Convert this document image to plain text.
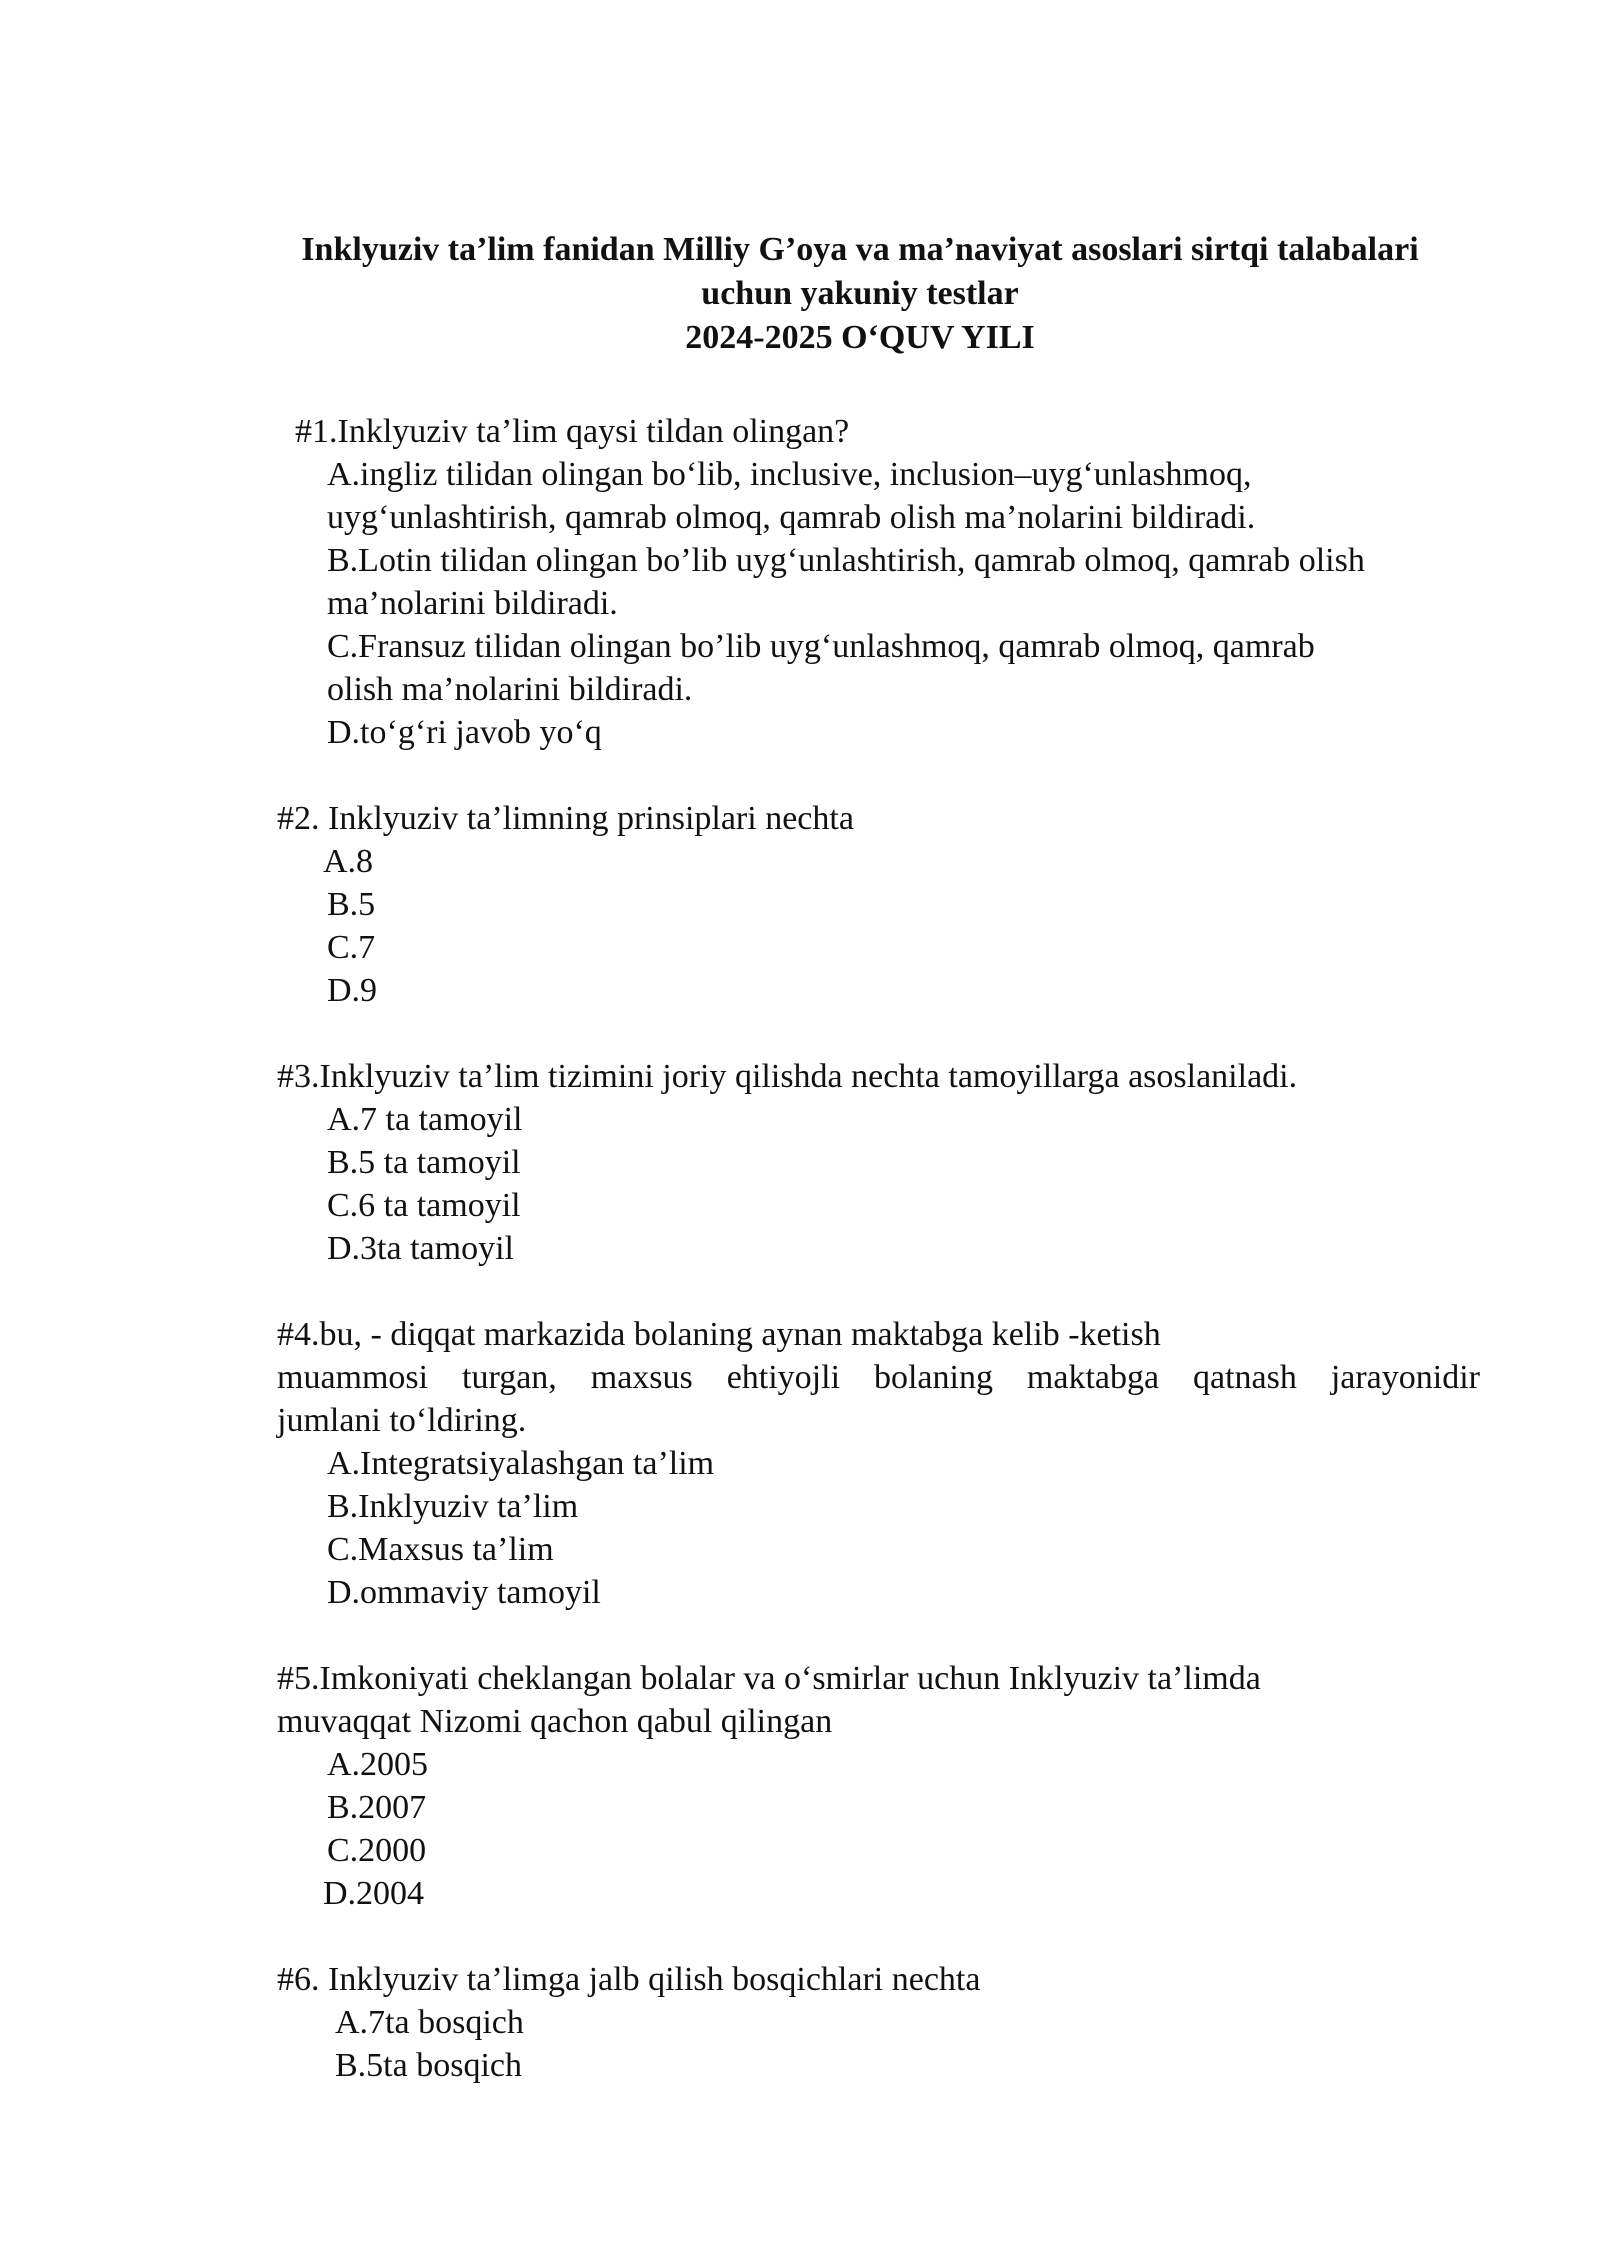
Inklyuziv ta’lim fanidan Milliy G’oya va ma’naviyat asoslari sirtqi talabalari
uchun yakuniy testlar
2024-2025 O‘QUV YILI
#1.Inklyuziv ta’lim qaysi tildan olingan?
A.ingliz tilidan olingan bo‘lib, inclusive, inclusion–uyg‘unlashmoq,
uyg‘unlashtirish, qamrab olmoq, qamrab olish ma’nolarini bildiradi.
B.Lotin tilidan olingan bo’lib uyg‘unlashtirish, qamrab olmoq, qamrab olish
ma’nolarini bildiradi.
C.Fransuz tilidan olingan bo’lib uyg‘unlashmoq, qamrab olmoq, qamrab
olish ma’nolarini bildiradi.
D.to‘g‘ri javob yo‘q
#2. Inklyuziv ta’limning prinsiplari nechta
A.8
B.5
C.7
D.9
#3.Inklyuziv ta’lim tizimini joriy qilishda nechta tamoyillarga asoslaniladi.
A.7 ta tamoyil
B.5 ta tamoyil
C.6 ta tamoyil
D.3ta tamoyil
#4.bu, - diqqat markazida bolaning aynan maktabga kelib -ketish
muammosi turgan, maxsus ehtiyojli bolaning maktabga qatnash jarayonidir
jumlani to‘ldiring.
A.Integratsiyalashgan ta’lim
B.Inklyuziv ta’lim
C.Maxsus ta’lim
D.ommaviy tamoyil
#5.Imkoniyati cheklangan bolalar va o‘smirlar uchun Inklyuziv ta’limda
muvaqqat Nizomi qachon qabul qilingan
A.2005
B.2007
C.2000
D.2004
#6. Inklyuziv ta’limga jalb qilish bosqichlari nechta
A.7ta bosqich
B.5ta bosqich
